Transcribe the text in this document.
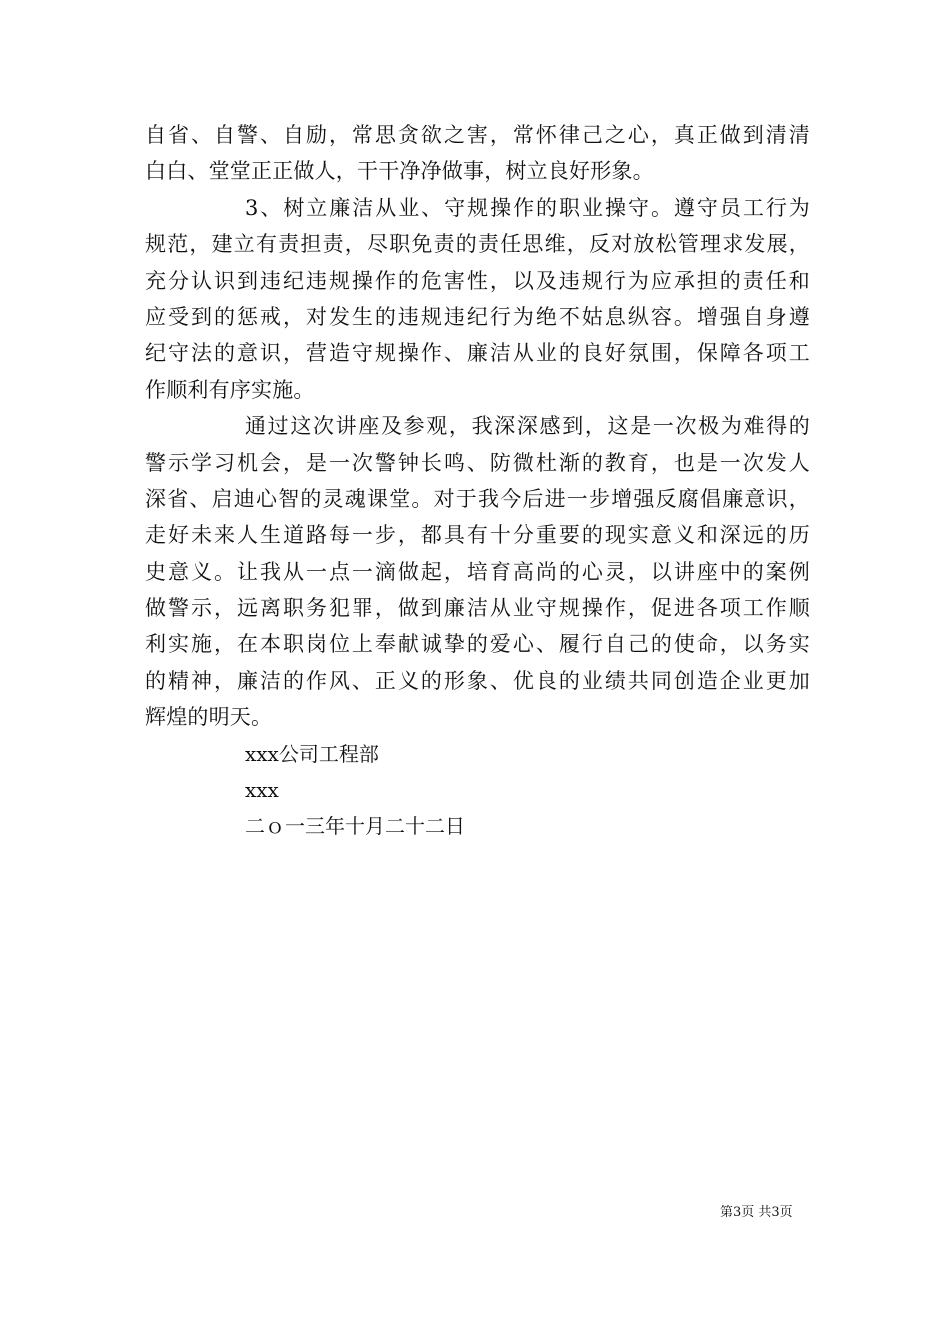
自省、自警、自励，常思贪欲之害，常怀律己之心，真正做到清清
白白、堂堂正正做人，干干净净做事，树立良好形象。
3、树立廉洁从业、守规操作的职业操守。遵守员工行为
规范，建立有责担责，尽职免责的责任思维，反对放松管理求发展，
充分认识到违纪违规操作的危害性，以及违规行为应承担的责任和
应受到的惩戒，对发生的违规违纪行为绝不姑息纵容。增强自身遵
纪守法的意识，营造守规操作、廉洁从业的良好氛围，保障各项工
作顺利有序实施。
通过这次讲座及参观，我深深感到，这是一次极为难得的
警示学习机会，是一次警钟长鸣、防微杜渐的教育，也是一次发人
深省、启迪心智的灵魂课堂。对于我今后进一步增强反腐倡廉意识，
走好未来人生道路每一步，都具有十分重要的现实意义和深远的历
史意义。让我从一点一滴做起，培育高尚的心灵，以讲座中的案例
做警示，远离职务犯罪，做到廉洁从业守规操作，促进各项工作顺
利实施，在本职岗位上奉献诚挚的爱心、履行自己的使命，以务实
的精神，廉洁的作风、正义的形象、优良的业绩共同创造企业更加
辉煌的明天。
xxx公司工程部
xxx
二ｏ一三年十月二十二日
第3页 共3页
